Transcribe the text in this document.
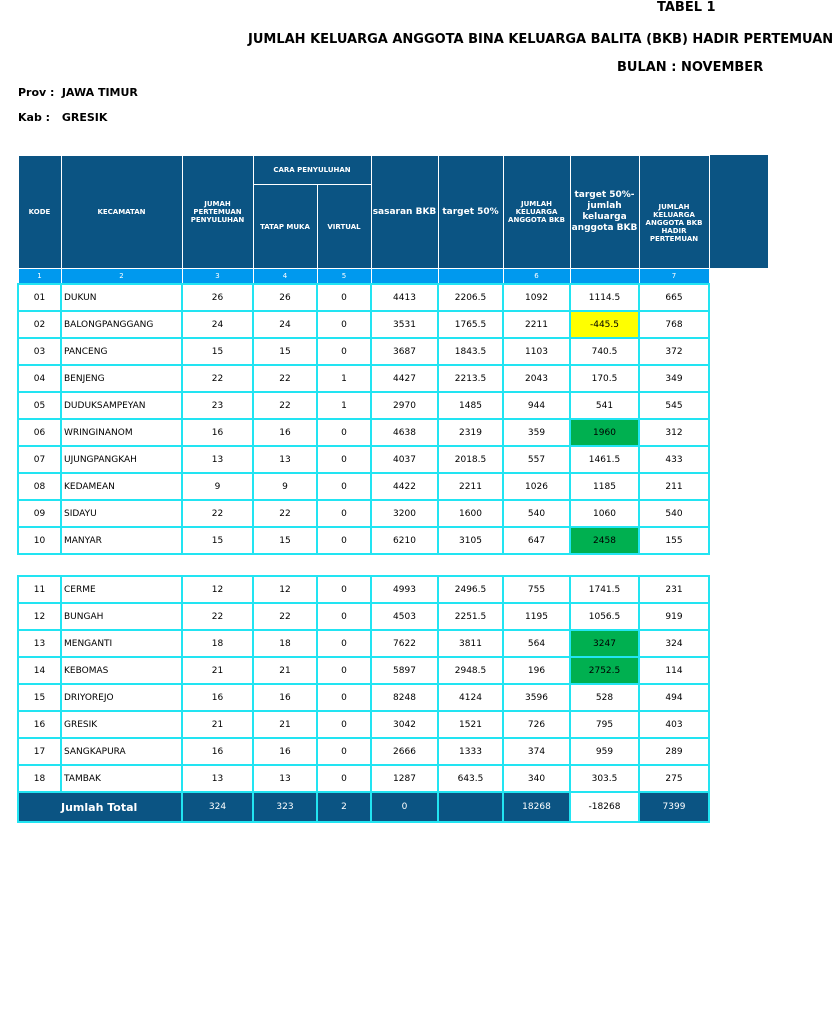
TABEL 1
JUMLAH KELUARGA ANGGOTA BINA KELUARGA BALITA (BKB) HADIR PERTEMUAN
BULAN : NOVEMBER
Prov : JAWA TIMUR
Kab : GRESIK
KODE	KECAMATAN	JUMAH PERTEMUAN PENYULUHAN	CARA PENYULUHAN		sasaran BKB	target 50%	JUMLAH KELUARGA ANGGOTA BKB	target 50%-jumlah keluarga anggota BKB	JUMLAH KELUARGA ANGGOTA BKB HADIR PERTEMUAN
			TATAP MUKA	VIRTUAL					
1	2	3	4	5			6		7
01	DUKUN	26	26	0	4413	2206.5	1092	1114.5	665
02	BALONGPANGGANG	24	24	0	3531	1765.5	2211	-445.5	768
03	PANCENG	15	15	0	3687	1843.5	1103	740.5	372
04	BENJENG	22	22	1	4427	2213.5	2043	170.5	349
05	DUDUKSAMPEYAN	23	22	1	2970	1485	944	541	545
06	WRINGINANOM	16	16	0	4638	2319	359	1960	312
07	UJUNGPANGKAH	13	13	0	4037	2018.5	557	1461.5	433
08	KEDAMEAN	9	9	0	4422	2211	1026	1185	211
09	SIDAYU	22	22	0	3200	1600	540	1060	540
10	MANYAR	15	15	0	6210	3105	647	2458	155

11	CERME	12	12	0	4993	2496.5	755	1741.5	231
12	BUNGAH	22	22	0	4503	2251.5	1195	1056.5	919
13	MENGANTI	18	18	0	7622	3811	564	3247	324
14	KEBOMAS	21	21	0	5897	2948.5	196	2752.5	114
15	DRIYOREJO	16	16	0	8248	4124	3596	528	494
16	GRESIK	21	21	0	3042	1521	726	795	403
17	SANGKAPURA	16	16	0	2666	1333	374	959	289
18	TAMBAK	13	13	0	1287	643.5	340	303.5	275
Jumlah Total		324	323	2	0		18268	-18268	7399
